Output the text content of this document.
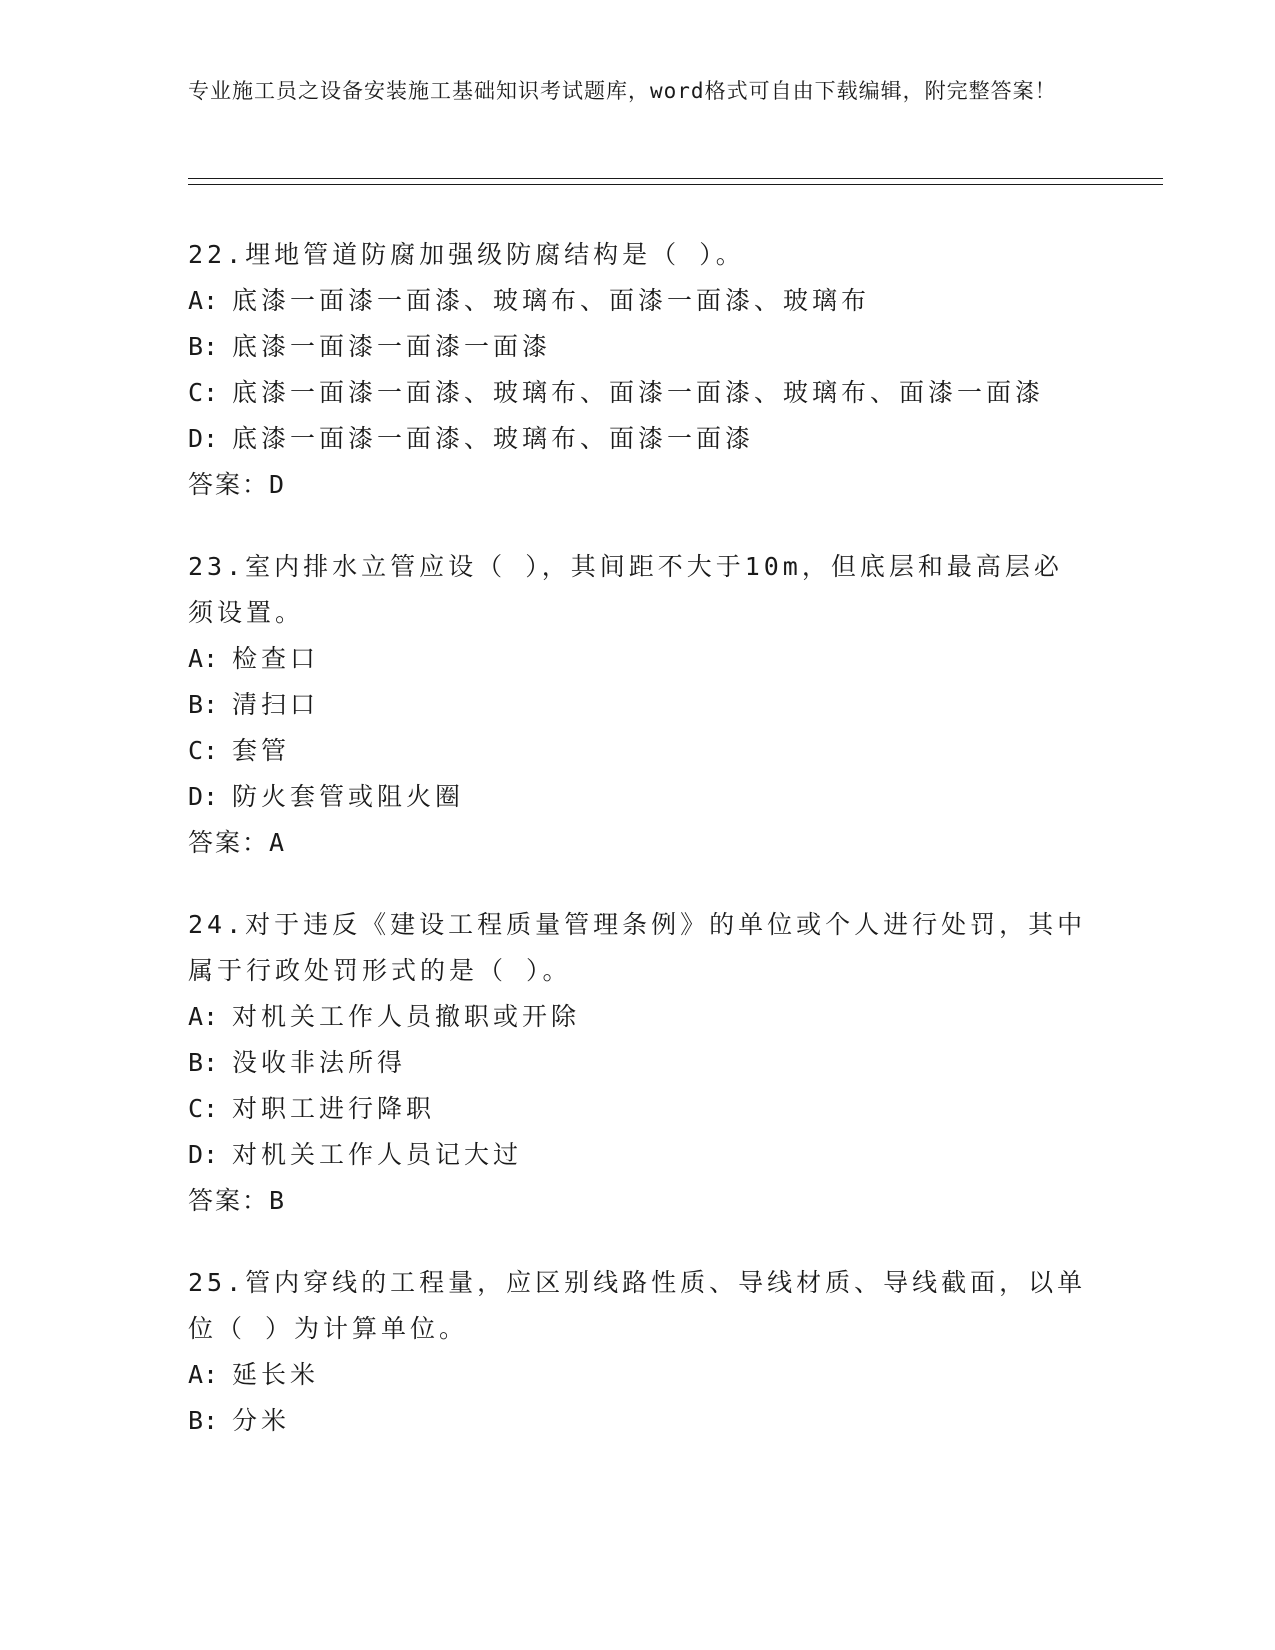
专业施工员之设备安装施工基础知识考试题库，word格式可自由下载编辑，附完整答案！
22.埋地管道防腐加强级防腐结构是（ ）。
A: 底漆一面漆一面漆、玻璃布、面漆一面漆、玻璃布
B: 底漆一面漆一面漆一面漆
C: 底漆一面漆一面漆、玻璃布、面漆一面漆、玻璃布、面漆一面漆
D: 底漆一面漆一面漆、玻璃布、面漆一面漆
答案：D
23.室内排水立管应设（ ），其间距不大于10m，但底层和最高层必须设置。
A: 检查口
B: 清扫口
C: 套管
D: 防火套管或阻火圈
答案：A
24.对于违反《建设工程质量管理条例》的单位或个人进行处罚，其中属于行政处罚形式的是（ ）。
A: 对机关工作人员撤职或开除
B: 没收非法所得
C: 对职工进行降职
D: 对机关工作人员记大过
答案：B
25.管内穿线的工程量，应区别线路性质、导线材质、导线截面，以单位（ ）为计算单位。
A: 延长米
B: 分米
